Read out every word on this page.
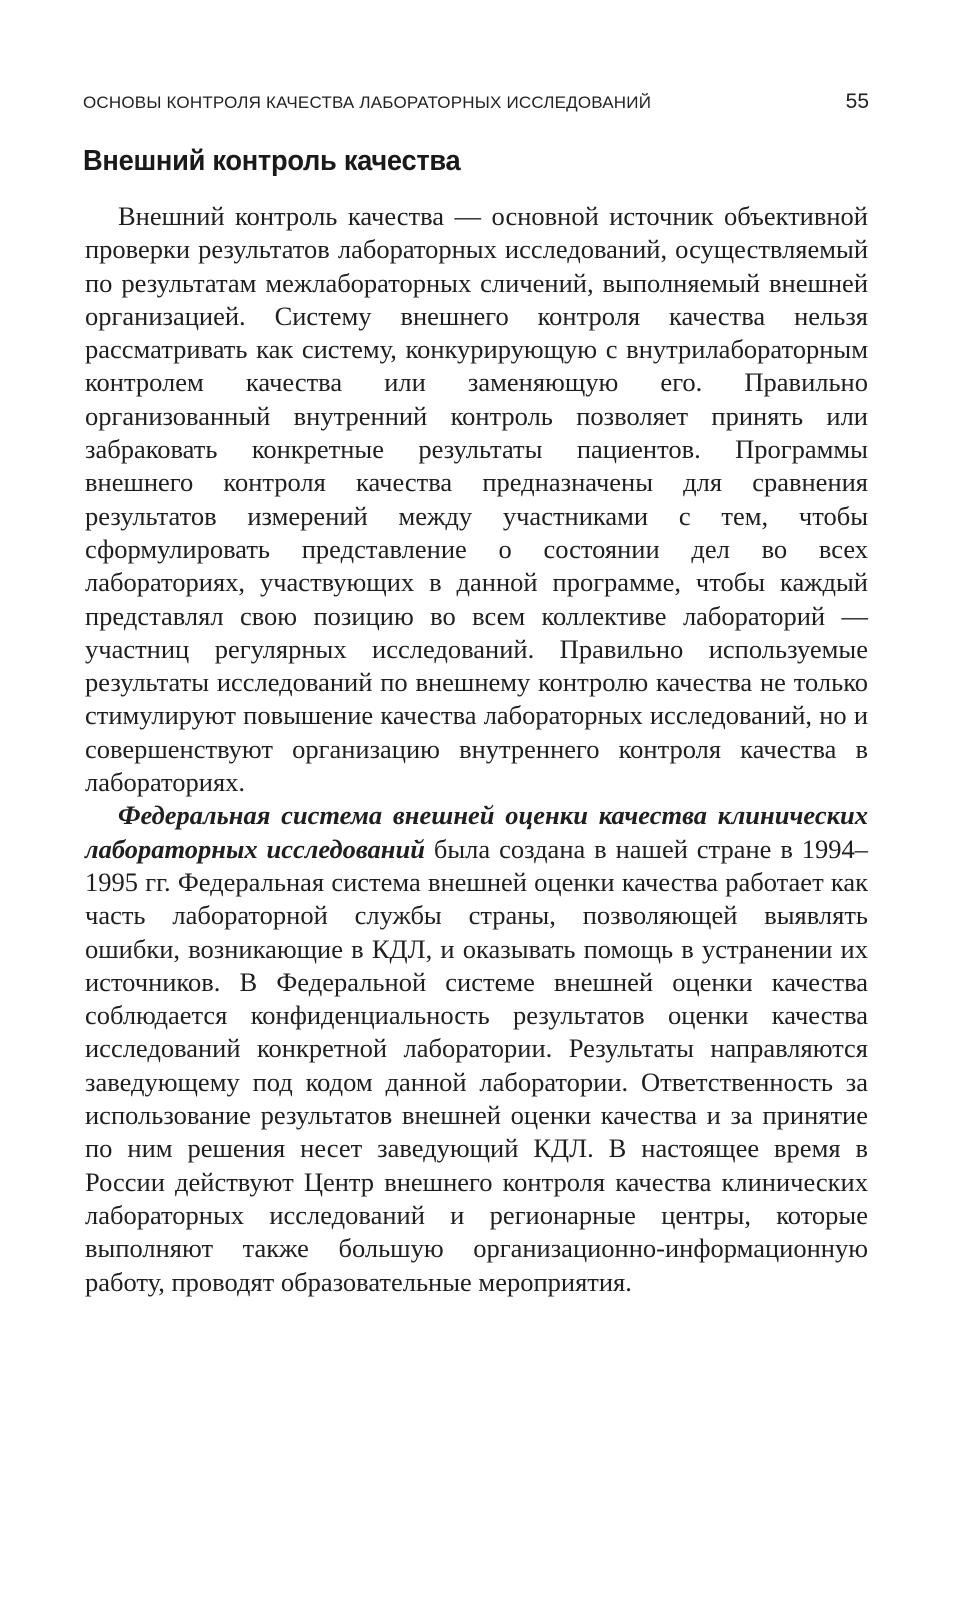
ОСНОВЫ КОНТРОЛЯ КАЧЕСТВА ЛАБОРАТОРНЫХ ИССЛЕДОВАНИЙ	55
Внешний контроль качества

Внешний контроль качества — основной источник объективной проверки результатов лабораторных исследований, осуществляемый по результатам межлабораторных сличений, выполняемый внешней организацией. Систему внешнего контроля качества нельзя рассматривать как систему, конкурирующую с внутрилабораторным контролем качества или заменяющую его. Правильно организованный внутренний контроль позволяет принять или забраковать конкретные результаты пациентов. Программы внешнего контроля качества предназначены для сравнения результатов измерений между участниками с тем, чтобы сформулировать представление о состоянии дел во всех лабораториях, участвующих в данной программе, чтобы каждый представлял свою позицию во всем коллективе лабораторий — участниц регулярных исследований. Правильно используемые результаты исследований по внешнему контролю качества не только стимулируют повышение качества лабораторных исследований, но и совершенствуют организацию внутреннего контроля качества в лабораториях.

Федеральная система внешней оценки качества клинических лабораторных исследований была создана в нашей стране в 1994–1995 гг. Федеральная система внешней оценки качества работает как часть лабораторной службы страны, позволяющей выявлять ошибки, возникающие в КДЛ, и оказывать помощь в устранении их источников. В Федеральной системе внешней оценки качества соблюдается конфиденциальность результатов оценки качества исследований конкретной лаборатории. Результаты направляются заведующему под кодом данной лаборатории. Ответственность за использование результатов внешней оценки качества и за принятие по ним решения несет заведующий КДЛ. В настоящее время в России действуют Центр внешнего контроля качества клинических лабораторных исследований и регионарные центры, которые выполняют также большую организационно-информационную работу, проводят образовательные мероприятия.
